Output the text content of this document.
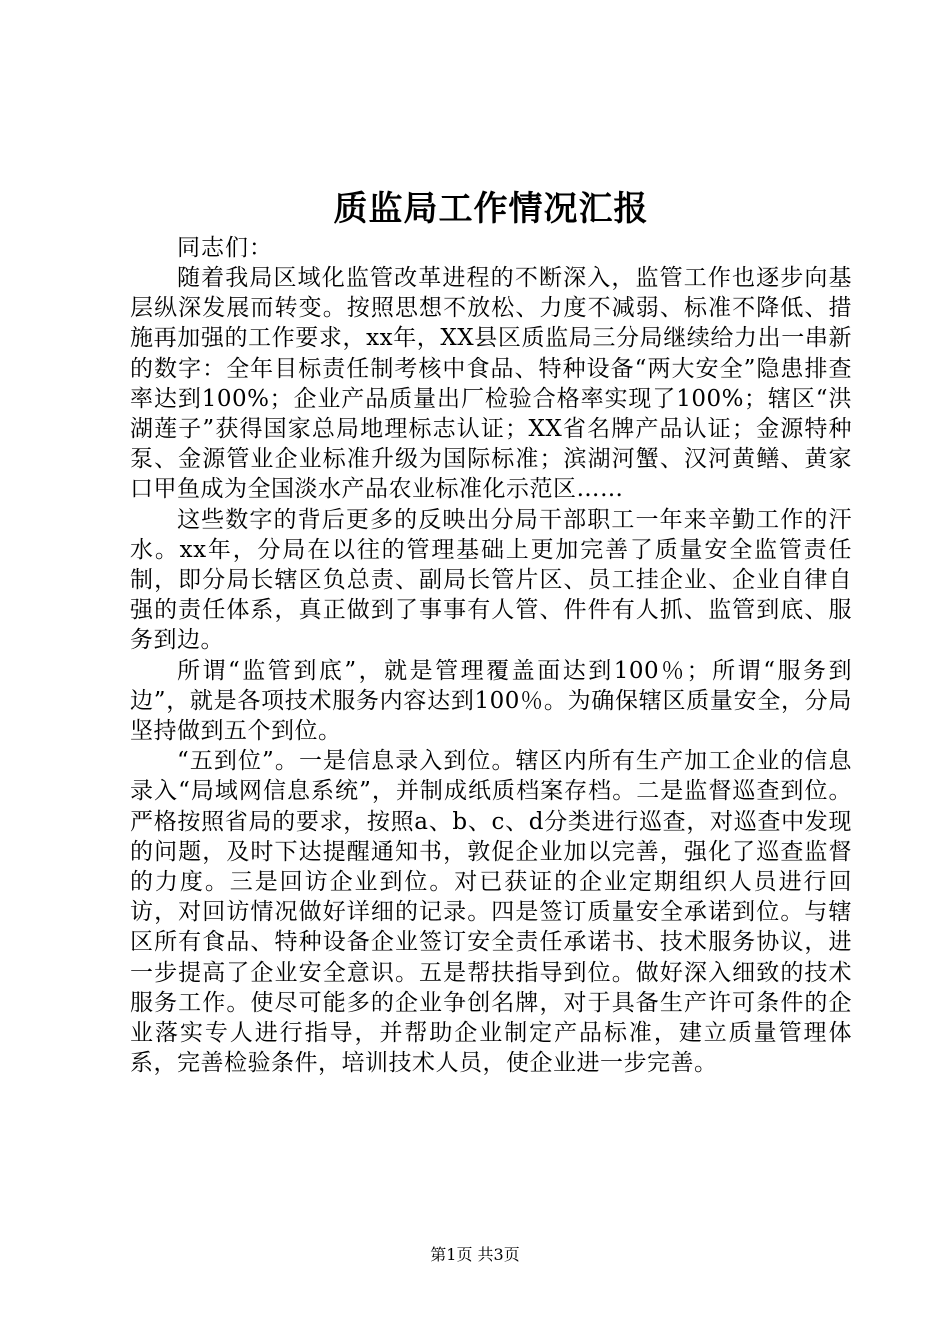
质监局工作情况汇报

同志们：

随着我局区域化监管改革进程的不断深入，监管工作也逐步向基层纵深发展而转变。按照思想不放松、力度不减弱、标准不降低、措施再加强的工作要求，xx年，XX县区质监局三分局继续给力出一串新的数字：全年目标责任制考核中食品、特种设备“两大安全”隐患排查率达到100%；企业产品质量出厂检验合格率实现了100%；辖区“洪湖莲子”获得国家总局地理标志认证；XX省名牌产品认证；金源特种泵、金源管业企业标准升级为国际标准；滨湖河蟹、汉河黄鳝、黄家口甲鱼成为全国淡水产品农业标准化示范区……

这些数字的背后更多的反映出分局干部职工一年来辛勤工作的汗水。xx年，分局在以往的管理基础上更加完善了质量安全监管责任制，即分局长辖区负总责、副局长管片区、员工挂企业、企业自律自强的责任体系，真正做到了事事有人管、件件有人抓、监管到底、服务到边。

所谓“监管到底”，就是管理覆盖面达到100％；所谓“服务到边”，就是各项技术服务内容达到100％。为确保辖区质量安全，分局坚持做到五个到位。

“五到位”。一是信息录入到位。辖区内所有生产加工企业的信息录入“局域网信息系统”，并制成纸质档案存档。二是监督巡查到位。严格按照省局的要求，按照a、b、c、d分类进行巡查，对巡查中发现的问题，及时下达提醒通知书，敦促企业加以完善，强化了巡查监督的力度。三是回访企业到位。对已获证的企业定期组织人员进行回访，对回访情况做好详细的记录。四是签订质量安全承诺到位。与辖区所有食品、特种设备企业签订安全责任承诺书、技术服务协议，进一步提高了企业安全意识。五是帮扶指导到位。做好深入细致的技术服务工作。使尽可能多的企业争创名牌，对于具备生产许可条件的企业落实专人进行指导，并帮助企业制定产品标准，建立质量管理体系，完善检验条件，培训技术人员，使企业进一步完善。

第1页 共3页
